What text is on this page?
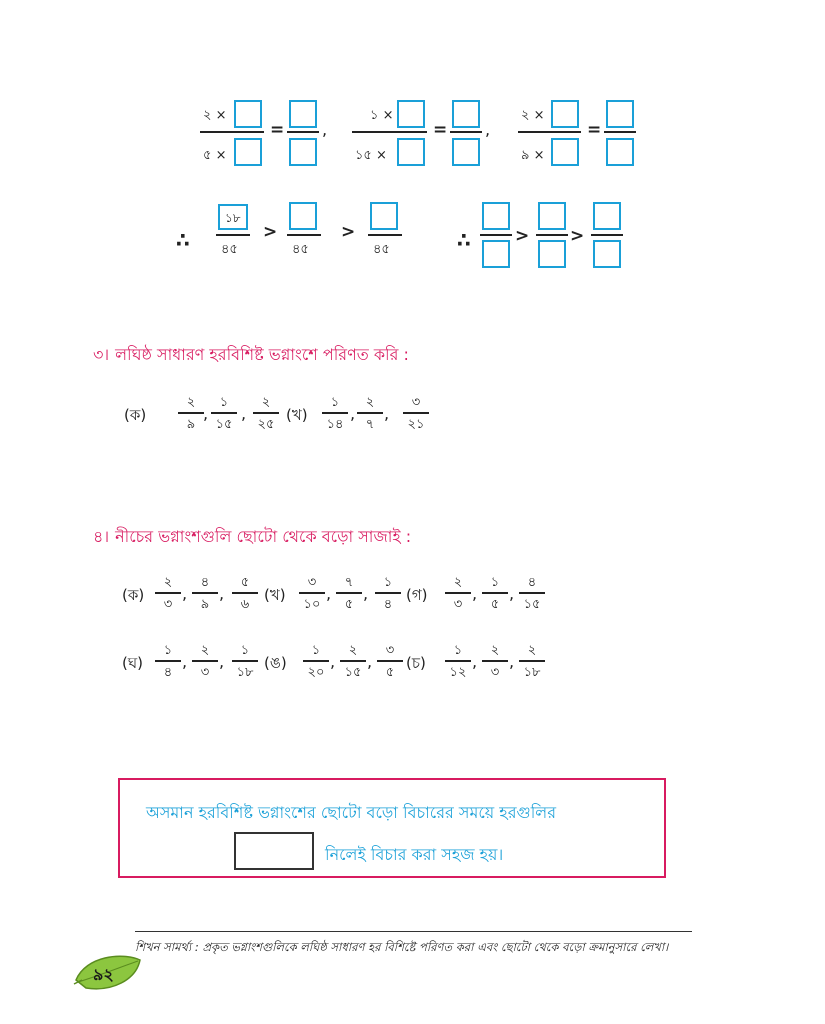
২ ×
৫ ×
= ,
১ ×
১৫ ×
= ,
২ ×
৯ ×
=
∴
১৮
৪৫
>
৪৫
>
৪৫	∴	> >
৩। লঘিষ্ঠ সাধারণ হরবিশিষ্ট ভগ্নাংশে পরিণত করি :
(ক)
২
৯
,
১
১৫
,
২
২৫ (খ)
১
১৪
,
২
৭
,
৩
২১
৪। নীচের ভগ্নাংশগুলি ছোটো থেকে বড়ো সাজাই :
(ক)
২
৩
,
৪
৯
,
৫
৬ (খ)
৩
১০
,
৭
৫
,
১
৪ (গ)
২
৩
,
১
৫
,
৪
১৫
(ঘ)
১
৪
,
২
৩
,
১
১৮ (ঙ)
১
২০
,
২
১৫
,
৩
৫ (চ)
১
১২
,
২
৩
,
২
১৮
অসমান হরবিশিষ্ট ভগ্নাংশের ছোটো বড়ো বিচারের সময়ে হরগুলির
নিলেই বিচার করা সহজ হয়।
শিখন সামর্থ্য : প্রকৃত ভগ্নাংশগুলিকে লঘিষ্ঠ সাধারণ হর বিশিষ্টে পরিণত করা এবং ছোটো থেকে বড়ো ক্রমানুসারে লেখা।
৯২
